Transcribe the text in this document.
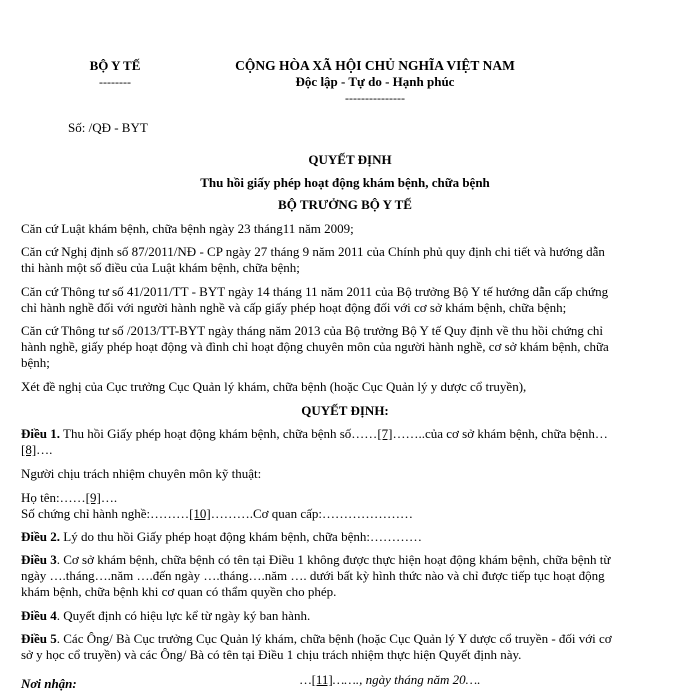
BỘ Y TẾ
--------
CỘNG HÒA XÃ HỘI CHỦ NGHĨA VIỆT NAM
Độc lập - Tự do - Hạnh phúc
---------------
Số: /QĐ - BYT
QUYẾT ĐỊNH
Thu hồi giấy phép hoạt động khám bệnh, chữa bệnh
BỘ TRƯỞNG BỘ Y TẾ
Căn cứ Luật khám bệnh, chữa bệnh ngày 23 tháng11 năm 2009;
Căn cứ Nghị định số 87/2011/NĐ - CP ngày 27 tháng 9 năm 2011 của Chính phủ quy định chi tiết và hướng dẫn
thi hành một số điều của Luật khám bệnh, chữa bệnh;
Căn cứ Thông tư số 41/2011/TT - BYT ngày 14 tháng 11 năm 2011 của Bộ trưởng Bộ Y tế hướng dẫn cấp chứng
chỉ hành nghề đối với người hành nghề và cấp giấy phép hoạt động đối với cơ sở khám bệnh, chữa bệnh;
Căn cứ Thông tư số /2013/TT-BYT ngày tháng năm 2013 của Bộ trưởng Bộ Y tế Quy định về thu hồi chứng chỉ
hành nghề, giấy phép hoạt động và đình chỉ hoạt động chuyên môn của người hành nghề, cơ sở khám bệnh, chữa
bệnh;
Xét đề nghị của Cục trưởng Cục Quản lý khám, chữa bệnh (hoặc Cục Quản lý y dược cổ truyền),
QUYẾT ĐỊNH:
Điều 1. Thu hồi Giấy phép hoạt động khám bệnh, chữa bệnh số……[7]……..của cơ sở khám bệnh, chữa bệnh…
[8]….
Người chịu trách nhiệm chuyên môn kỹ thuật:
Họ tên:……[9]….
Số chứng chỉ hành nghề:………[10]……….Cơ quan cấp:…………………
Điều 2. Lý do thu hồi Giấy phép hoạt động khám bệnh, chữa bệnh:…………
Điều 3. Cơ sở khám bệnh, chữa bệnh có tên tại Điều 1 không được thực hiện hoạt động khám bệnh, chữa bệnh từ
ngày ….tháng….năm ….đến ngày ….tháng….năm …. dưới bất kỳ hình thức nào và chỉ được tiếp tục hoạt động
khám bệnh, chữa bệnh khi cơ quan có thẩm quyền cho phép.
Điều 4. Quyết định có hiệu lực kể từ ngày ký ban hành.
Điều 5. Các Ông/ Bà Cục trưởng Cục Quản lý khám, chữa bệnh (hoặc Cục Quản lý Y dược cổ truyền - đối với cơ
sở y học cổ truyền) và các Ông/ Bà có tên tại Điều 1 chịu trách nhiệm thực hiện Quyết định này.
Nơi nhận:	…[11]……., ngày tháng năm 20….
